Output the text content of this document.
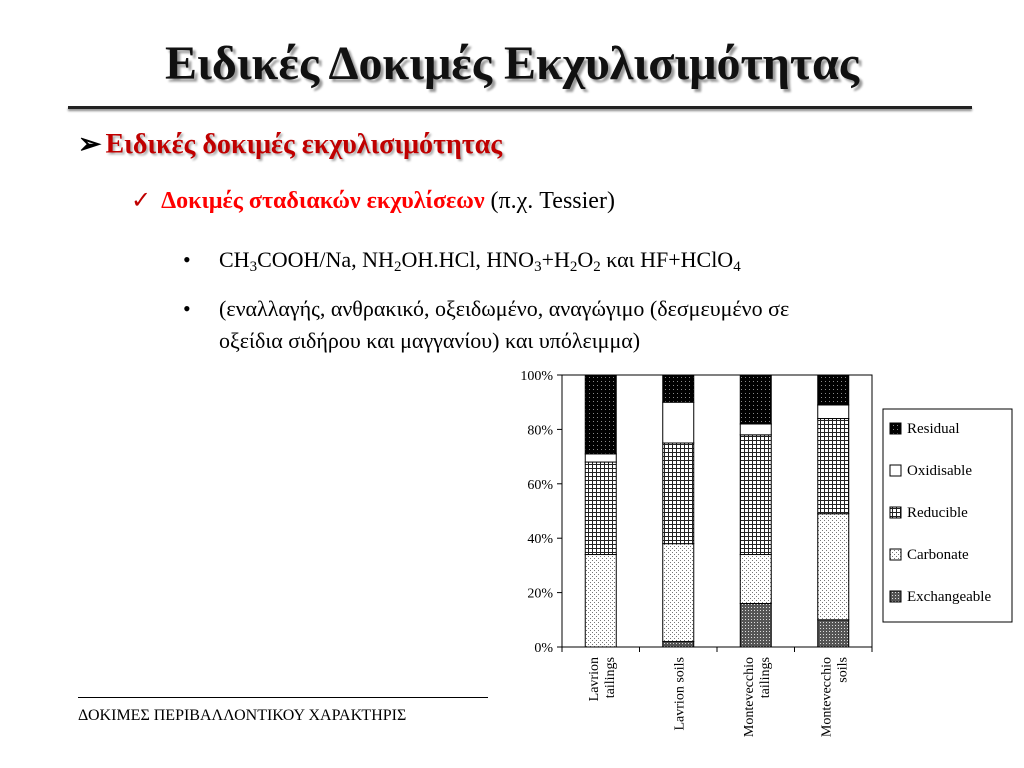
Ειδικές Δοκιμές Εκχυλισιμότητας
➢ Ειδικές δοκιμές εκχυλισιμότητας
✓ Δοκιμές σταδιακών εκχυλίσεων (π.χ. Tessier)
• $CH_3COOH/Na$, $NH_2OH.HCl$, $HNO_3+H_2O_2$ και HF+HClO$_4$
• (εναλλαγής, ανθρακικό, οξειδωμένο, αναγώγιμο (δεσμευμένο σε
οξείδια σιδήρου και μαγγανίου) και υπόλειμμα)
0%
20%
40%
60%
80%
100%
Lavriontailings	Lavrion soils	Montevecchiotailings	Montevecchiosoils
Residual
Oxidisable
Reducible
Carbonate
Exchangeable
ΔΟΚΙΜΕΣ ΠΕΡΙΒΑΛΛΟΝΤΙΚΟΥ ΧΑΡΑΚΤΗΡΙΣ
